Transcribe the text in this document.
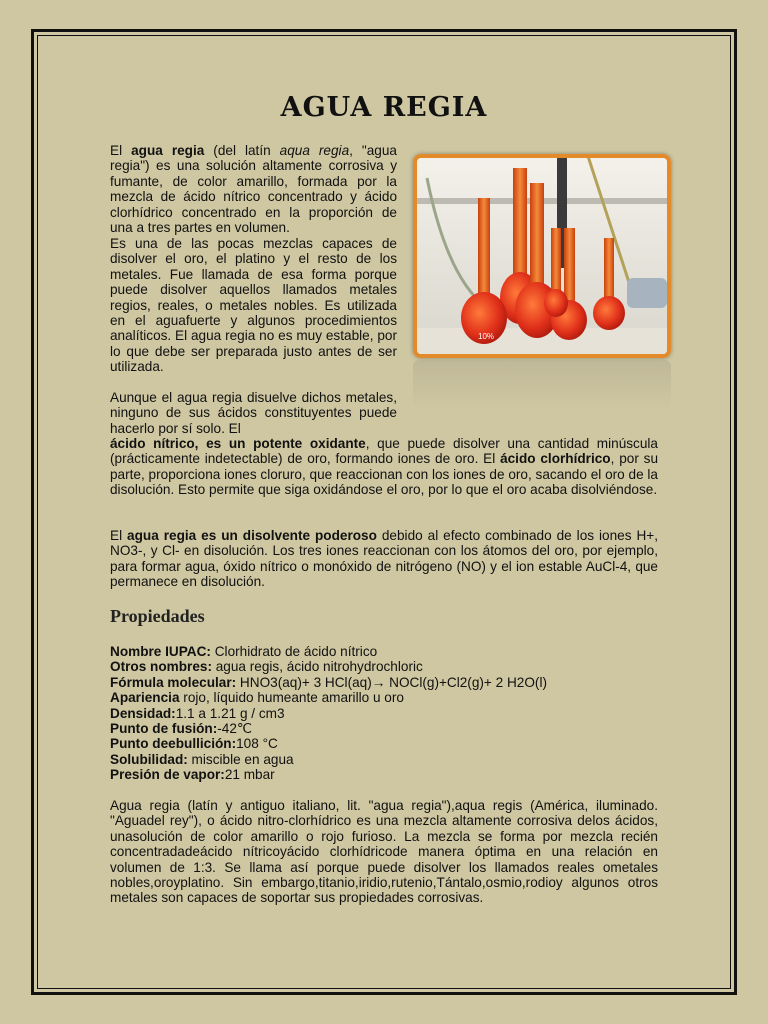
AGUA REGIA
El agua regia (del latín aqua regia, "agua regia") es una solución altamente corrosiva y fumante, de color amarillo, formada por la mezcla de ácido nítrico concentrado y ácido clorhídrico concentrado en la proporción de una a tres partes en volumen.
Es una de las pocas mezclas capaces de disolver el oro, el platino y el resto de los metales. Fue llamada de esa forma porque puede disolver aquellos llamados metales regios, reales, o metales nobles. Es utilizada en el aguafuerte y algunos procedimientos analíticos. El agua regia no es muy estable, por lo que debe ser preparada justo antes de ser utilizada.
Aunque el agua regia disuelve dichos metales, ninguno de sus ácidos constituyentes puede hacerlo por sí solo. El
ácido nítrico, es un potente oxidante, que puede disolver una cantidad minúscula (prácticamente indetectable) de oro, formando iones de oro. El ácido clorhídrico, por su parte, proporciona iones cloruro, que reaccionan con los iones de oro, sacando el oro de la disolución. Esto permite que siga oxidándose el oro, por lo que el oro acaba disolviéndose.
El agua regia es un disolvente poderoso debido al efecto combinado de los iones H+, NO3-, y Cl- en disolución. Los tres iones reaccionan con los átomos del oro, por ejemplo, para formar agua, óxido nítrico o monóxido de nitrógeno (NO) y el ion estable AuCl-4, que permanece en disolución.
10%
Propiedades
Nombre IUPAC: Clorhidrato de ácido nítrico
Otros nombres: agua regis, ácido nitrohydrochloric
Fórmula molecular: HNO3(aq)+ 3 HCl(aq)→ NOCl(g)+Cl2(g)+ 2 H2O(l)
Apariencia rojo, líquido humeante amarillo u oro
Densidad:1.1 a 1.21 g / cm3
Punto de fusión:-42℃
Punto deebullición:108 °C
Solubilidad: miscible en agua
Presión de vapor:21 mbar
Agua regia (latín y antiguo italiano, lit. "agua regia"),aqua regis (América, iluminado. "Aguadel rey"), o ácido nitro-clorhídrico es una mezcla altamente corrosiva delos ácidos, unasolución de color amarillo o rojo furioso. La mezcla se forma por mezcla recién concentradadeácido nítricoyácido clorhídricode manera óptima en una relación en volumen de 1:3. Se llama así porque puede disolver los llamados reales ometales nobles,oroyplatino. Sin embargo,titanio,iridio,rutenio,Tántalo,osmio,rodioy algunos otros metales son capaces de soportar sus propiedades corrosivas.
